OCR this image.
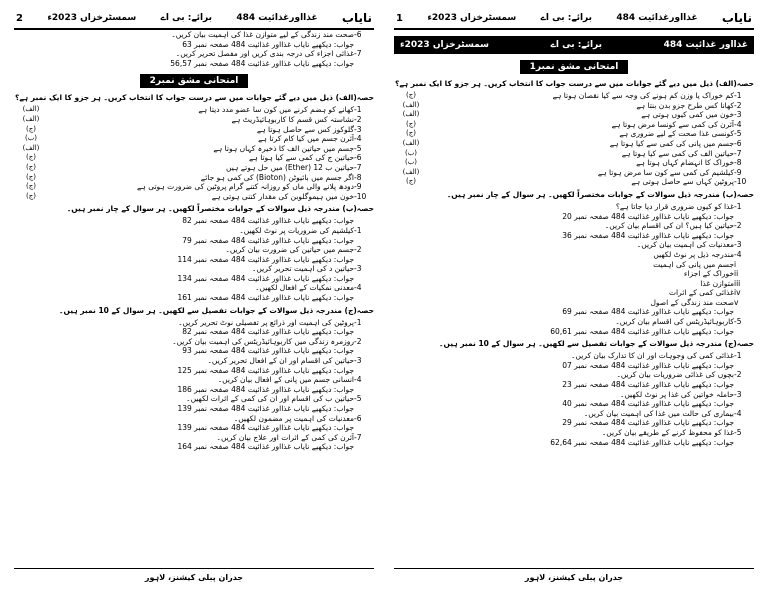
نایاب
غذااورغذائیت 484
برائے: بی اے
سمسٹرخزاں 2023ء
2
-6
صحت مند زندگی کے لیے متوازن غذا کی اہمیت بیان کریں۔
جواب: دیکھیے نایاب غذااور غذائیت 484 صفحہ نمبر 63
-7
غذائی اجزاء کی درجہ بندی کریں اور مفصل تحریر کریں۔
جواب: دیکھیے نایاب غذااور غذائیت 484 صفحہ نمبر 56,57
امتحانی مشق نمبر2
حصہ(الف) ذیل میں دیے گئے جوابات میں سے درست جواب کا انتخاب کریں۔ ہر جزو کا ایک نمبر ہے؟
-1
کھانے کو ہضم کرنے میں کون سا عضو مدد دیتا ہے
(الف)
-2
نشاستہ کس قسم کا کاربوہائیڈریٹ ہے
(الف)
-3
گلوکوز کس سے حاصل ہوتا ہے
(ج)
-4
آئرن جسم میں کیا کام کرتا ہے
(ب)
-5
جسم میں حیاتین الف کا ذخیرہ کہاں ہوتا ہے
(الف)
-6
حیاتین ج کی کمی سے کیا ہوتا ہے
(ج)
-7
حیاتین ب 12 (Ether) میں حل ہوتے ہیں
(ج)
-8
اگر جسم میں بائیوٹن (Bioton) کی کمی ہو جائے
(ج)
-9
دودھ پلانے والی ماں کو روزانہ کتنے گرام پروٹین کی ضرورت ہوتی ہے
(ج)
-10
خون میں ہیموگلوبن کی مقدار کتنی ہوتی ہے
(ج)
حصہ(ب) مندرجہ ذیل سوالات کے جوابات مختصراً لکھیں۔ ہر سوال کے چار نمبر ہیں۔
جواب: دیکھیے نایاب غذااور غذائیت 484 صفحہ نمبر 82
-1
کیلشیم کی ضروریات پر نوٹ لکھیں۔
جواب: دیکھیے نایاب غذااور غذائیت 484 صفحہ نمبر 79
-2
جسم میں حیاتین کی ضرورت بیان کریں۔
جواب: دیکھیے نایاب غذااور غذائیت 484 صفحہ نمبر 114
-3
حیاتین د کی اہمیت تحریر کریں۔
جواب: دیکھیے نایاب غذااور غذائیت 484 صفحہ نمبر 134
-4
معدنی نمکیات کے افعال لکھیں۔
جواب: دیکھیے نایاب غذااور غذائیت 484 صفحہ نمبر 161
حصہ(ج) مندرجہ ذیل سوالات کے جوابات تفصیل سے لکھیں۔ ہر سوال کے 10 نمبر ہیں۔
-1
پروٹین کی اہمیت اور ذرائع پر تفصیلی نوٹ تحریر کریں۔
جواب: دیکھیے نایاب غذااور غذائیت 484 صفحہ نمبر 82
-2
روزمرہ زندگی میں کاربوہائیڈریٹس کی اہمیت بیان کریں۔
جواب: دیکھیے نایاب غذااور غذائیت 484 صفحہ نمبر 93
-3
حیاتین کی اقسام اور ان کے افعال تحریر کریں۔
جواب: دیکھیے نایاب غذااور غذائیت 484 صفحہ نمبر 125
-4
انسانی جسم میں پانی کے افعال بیان کریں۔
جواب: دیکھیے نایاب غذااور غذائیت 484 صفحہ نمبر 186
-5
حیاتین ب کی اقسام اور ان کی کمی کے اثرات لکھیں۔
جواب: دیکھیے نایاب غذااور غذائیت 484 صفحہ نمبر 139
-6
معدنیات کی اہمیت پر مضمون لکھیں۔
جواب: دیکھیے نایاب غذااور غذائیت 484 صفحہ نمبر 139
-7
آئرن کی کمی کے اثرات اور علاج بیان کریں۔
جواب: دیکھیے نایاب غذااور غذائیت 484 صفحہ نمبر 164
جدران پبلی کیشنز، لاہور
نایاب
غذااورغذائیت 484
برائے: بی اے
سمسٹرخزاں 2023ء
1
غذااور غذائیت 484
برائے: بی اے
سمسٹرخزاں 2023ء
امتحانی مشق نمبر1
حصہ(الف) ذیل میں دیے گئے جوابات میں سے درست جواب کا انتخاب کریں۔ ہر جزو کا ایک نمبر ہے؟
-1
کم خوراک یا وزن کم ہونے کی وجہ سے کیا نقصان ہوتا ہے
(ج)
-2
کھانا کس طرح جزو بدن بنتا ہے
(الف)
-3
خون میں کمی کیوں ہوتی ہے
(الف)
-4
آئرن کی کمی سے کونسا مرض ہوتا ہے
(ج)
-5
کونسی غذا صحت کے لیے ضروری ہے
(ج)
-6
جسم میں پانی کی کمی سے کیا ہوتا ہے
(الف)
-7
حیاتین الف کی کمی سے کیا ہوتا ہے
(ب)
-8
خوراک کا انہضام کہاں ہوتا ہے
(ب)
-9
کیلشیم کی کمی سے کون سا مرض ہوتا ہے
(الف)
-10
پروٹین کہاں سے حاصل ہوتی ہے
(ج)
حصہ(ب) مندرجہ ذیل سوالات کے جوابات مختصراً لکھیں۔ ہر سوال کے چار نمبر ہیں۔
-1
غذا کو کیوں ضروری قرار دیا جاتا ہے؟
جواب: دیکھیے نایاب غذااور غذائیت 484 صفحہ نمبر 20
-2
حیاتین کیا ہیں؟ ان کی اقسام بیان کریں۔
جواب: دیکھیے نایاب غذااور غذائیت 484 صفحہ نمبر 36
-3
معدنیات کی اہمیت بیان کریں۔
-4
مندرجہ ذیل پر نوٹ لکھیں
i
جسم میں پانی کی اہمیت
ii
خوراک کے اجزاء
iii
متوازن غذا
iv
غذائی کمی کے اثرات
v
صحت مند زندگی کے اصول
جواب: دیکھیے نایاب غذااور غذائیت 484 صفحہ نمبر 69
-5
کاربوہائیڈریٹس کی اقسام بیان کریں۔
جواب: دیکھیے نایاب غذااور غذائیت 484 صفحہ نمبر 60,61
حصہ(ج) مندرجہ ذیل سوالات کے جوابات تفصیل سے لکھیں۔ ہر سوال کے 10 نمبر ہیں۔
-1
غذائی کمی کی وجوہات اور ان کا تدارک بیان کریں۔
جواب: دیکھیے نایاب غذااور غذائیت 484 صفحہ نمبر 07
-2
بچوں کی غذائی ضروریات بیان کریں۔
جواب: دیکھیے نایاب غذااور غذائیت 484 صفحہ نمبر 23
-3
حاملہ خواتین کی غذا پر نوٹ لکھیں۔
جواب: دیکھیے نایاب غذااور غذائیت 484 صفحہ نمبر 40
-4
بیماری کی حالت میں غذا کی اہمیت بیان کریں۔
جواب: دیکھیے نایاب غذااور غذائیت 484 صفحہ نمبر 29
-5
غذا کو محفوظ کرنے کے طریقے بیان کریں۔
جواب: دیکھیے نایاب غذااور غذائیت 484 صفحہ نمبر 62,64
جدران پبلی کیشنز، لاہور
